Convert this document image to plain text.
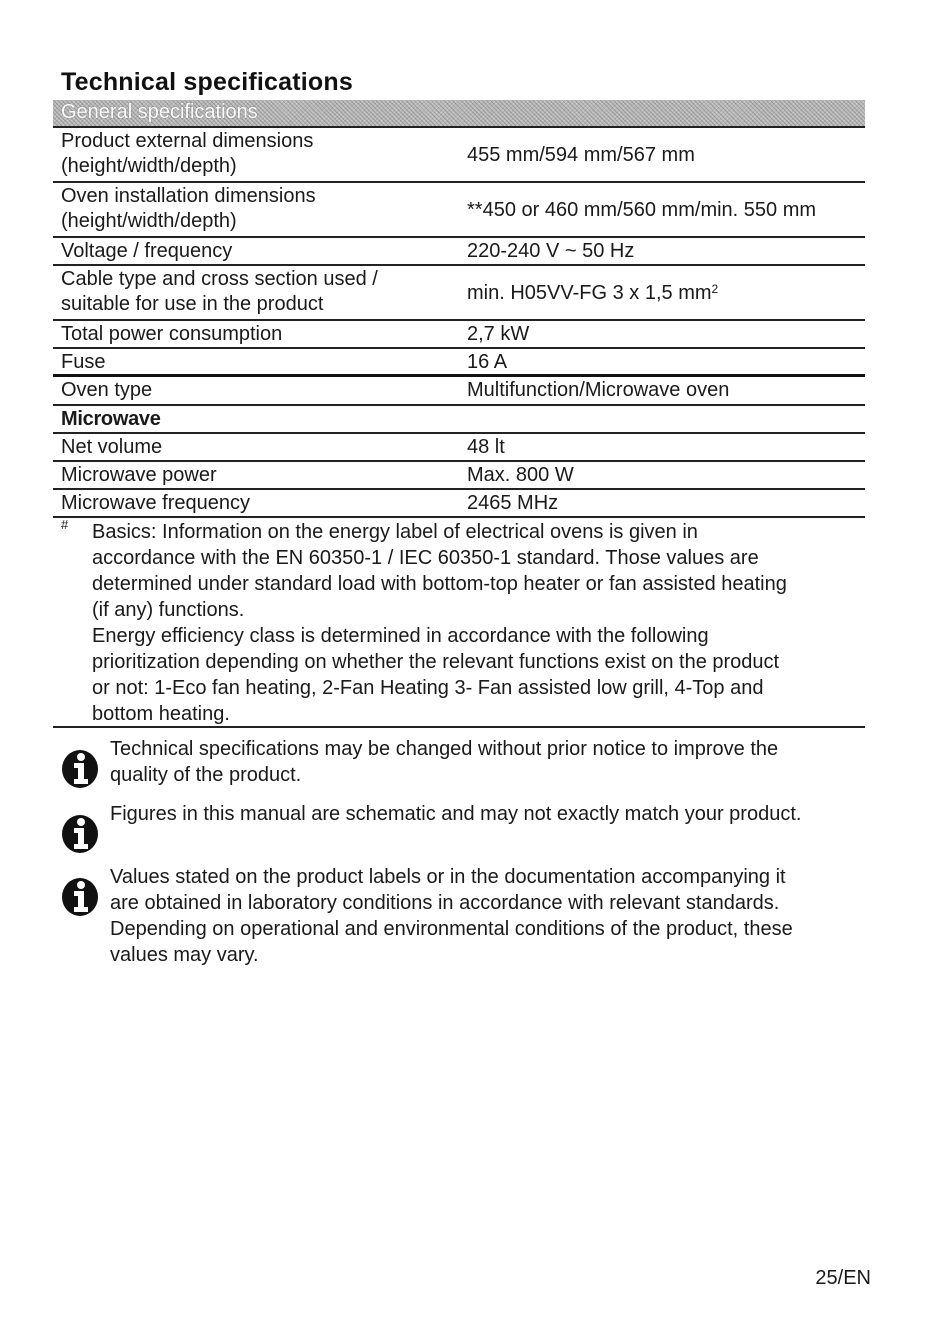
Technical specifications
General specifications
Product external dimensions
(height/width/depth)	455 mm/594 mm/567 mm
Oven installation dimensions
(height/width/depth)	**450 or 460 mm/560 mm/min. 550 mm
Voltage / frequency	220-240 V ~ 50 Hz
Cable type and cross section used /
suitable for use in the product	min. H05VV-FG 3 x 1,5 $mm^2$
Total power consumption	2,7 kW
Fuse	16 A
Oven type	Multifunction/Microwave oven
Microwave
Net volume	48 lt
Microwave power	Max. 800 W
Microwave frequency	2465 MHz
# Basics: Information on the energy label of electrical ovens is given in
accordance with the EN 60350-1 / IEC 60350-1 standard. Those values are
determined under standard load with bottom-top heater or fan assisted heating
(if any) functions.
Energy efficiency class is determined in accordance with the following
prioritization depending on whether the relevant functions exist on the product
or not: 1-Eco fan heating, 2-Fan Heating 3- Fan assisted low grill, 4-Top and
bottom heating.
Technical specifications may be changed without prior notice to improve the
quality of the product.
Figures in this manual are schematic and may not exactly match your product.
Values stated on the product labels or in the documentation accompanying it
are obtained in laboratory conditions in accordance with relevant standards.
Depending on operational and environmental conditions of the product, these
values may vary.
25/EN
